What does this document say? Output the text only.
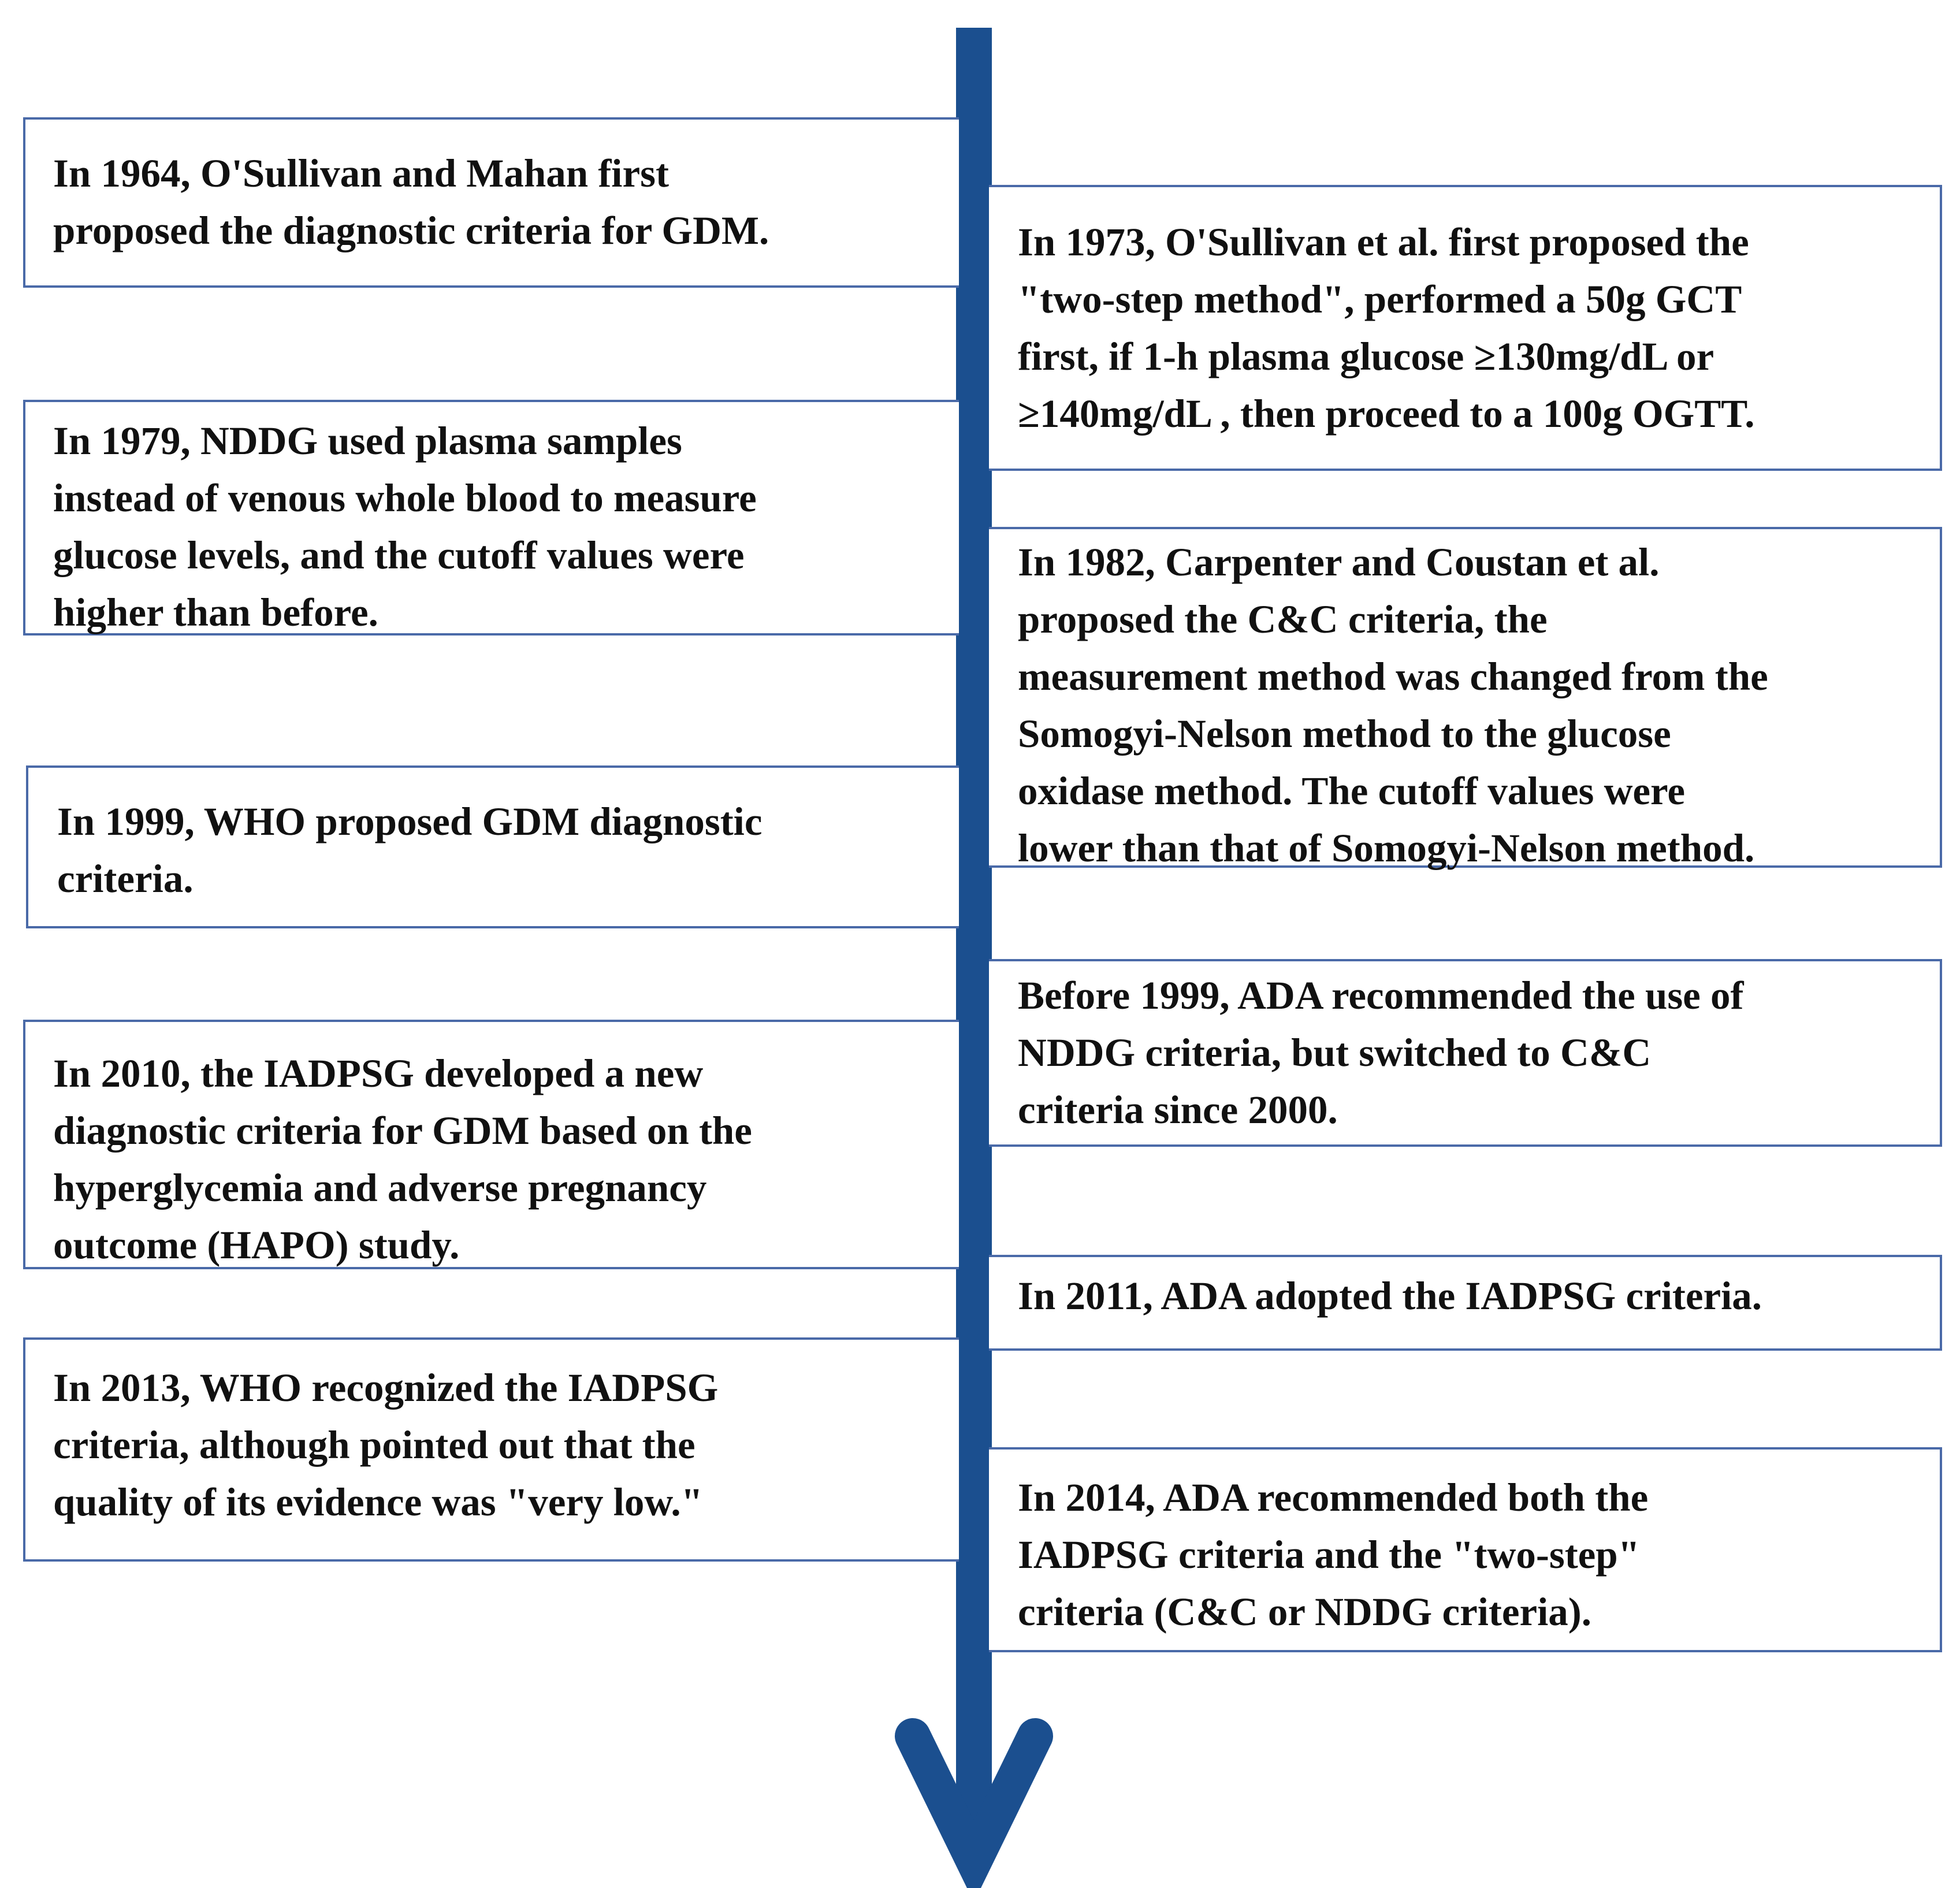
In 1964, O'Sullivan and Mahan first
proposed the diagnostic criteria for GDM.
In 1979, NDDG used plasma samples
instead of venous whole blood to measure
glucose levels, and the cutoff values were
higher than before.
In 1999, WHO proposed GDM diagnostic
criteria.
In 2010, the IADPSG developed a new
diagnostic criteria for GDM based on the
hyperglycemia and adverse pregnancy
outcome (HAPO) study.
In 2013, WHO recognized the IADPSG
criteria, although pointed out that the
quality of its evidence was "very low."
In 1973, O'Sullivan et al. first proposed the
"two-step method", performed a 50g GCT
first, if 1-h plasma glucose ≥130mg/dL or
≥140mg/dL , then proceed to a 100g OGTT.
In 1982, Carpenter and Coustan et al.
proposed the C&C criteria, the
measurement method was changed from the
Somogyi-Nelson method to the glucose
oxidase method. The cutoff values were
lower than that of Somogyi-Nelson method.
Before 1999, ADA recommended the use of
NDDG criteria, but switched to C&C
criteria since 2000.
In 2011, ADA adopted the IADPSG criteria.
In 2014, ADA recommended both the
IADPSG criteria and the "two-step"
criteria (C&C or NDDG criteria).
